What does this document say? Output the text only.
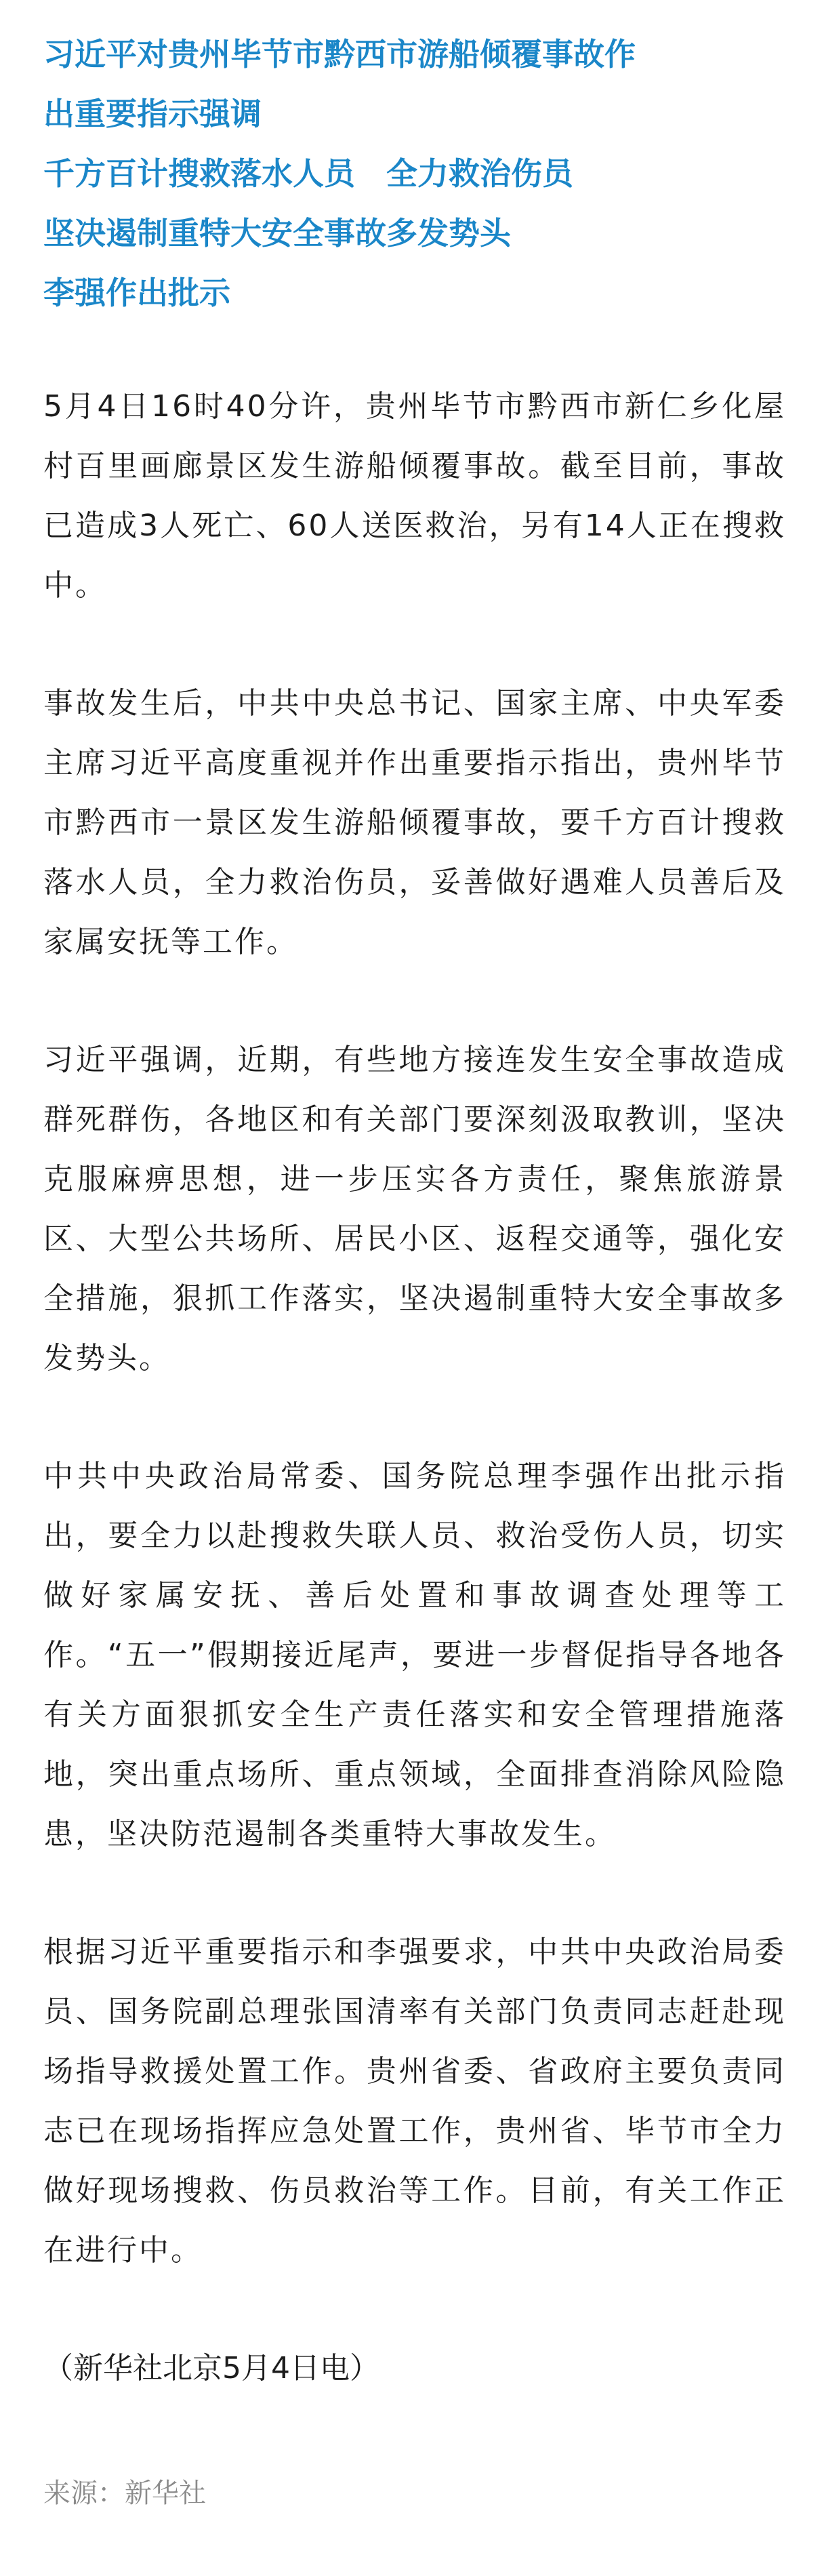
习近平对贵州毕节市黔西市游船倾覆事故作
出重要指示强调
千方百计搜救落水人员　全力救治伤员
坚决遏制重特大安全事故多发势头
李强作出批示

5月4日16时40分许，贵州毕节市黔西市新仁乡化屋村百里画廊景区发生游船倾覆事故。截至目前，事故已造成3人死亡、60人送医救治，另有14人正在搜救中。

事故发生后，中共中央总书记、国家主席、中央军委主席习近平高度重视并作出重要指示指出，贵州毕节市黔西市一景区发生游船倾覆事故，要千方百计搜救落水人员，全力救治伤员，妥善做好遇难人员善后及家属安抚等工作。

习近平强调，近期，有些地方接连发生安全事故造成群死群伤，各地区和有关部门要深刻汲取教训，坚决克服麻痹思想，进一步压实各方责任，聚焦旅游景区、大型公共场所、居民小区、返程交通等，强化安全措施，狠抓工作落实，坚决遏制重特大安全事故多发势头。

中共中央政治局常委、国务院总理李强作出批示指出，要全力以赴搜救失联人员、救治受伤人员，切实做好家属安抚、善后处置和事故调查处理等工作。“五一”假期接近尾声，要进一步督促指导各地各有关方面狠抓安全生产责任落实和安全管理措施落地，突出重点场所、重点领域，全面排查消除风险隐患，坚决防范遏制各类重特大事故发生。

根据习近平重要指示和李强要求，中共中央政治局委员、国务院副总理张国清率有关部门负责同志赶赴现场指导救援处置工作。贵州省委、省政府主要负责同志已在现场指挥应急处置工作，贵州省、毕节市全力做好现场搜救、伤员救治等工作。目前，有关工作正在进行中。

（新华社北京5月4日电）

来源：新华社
